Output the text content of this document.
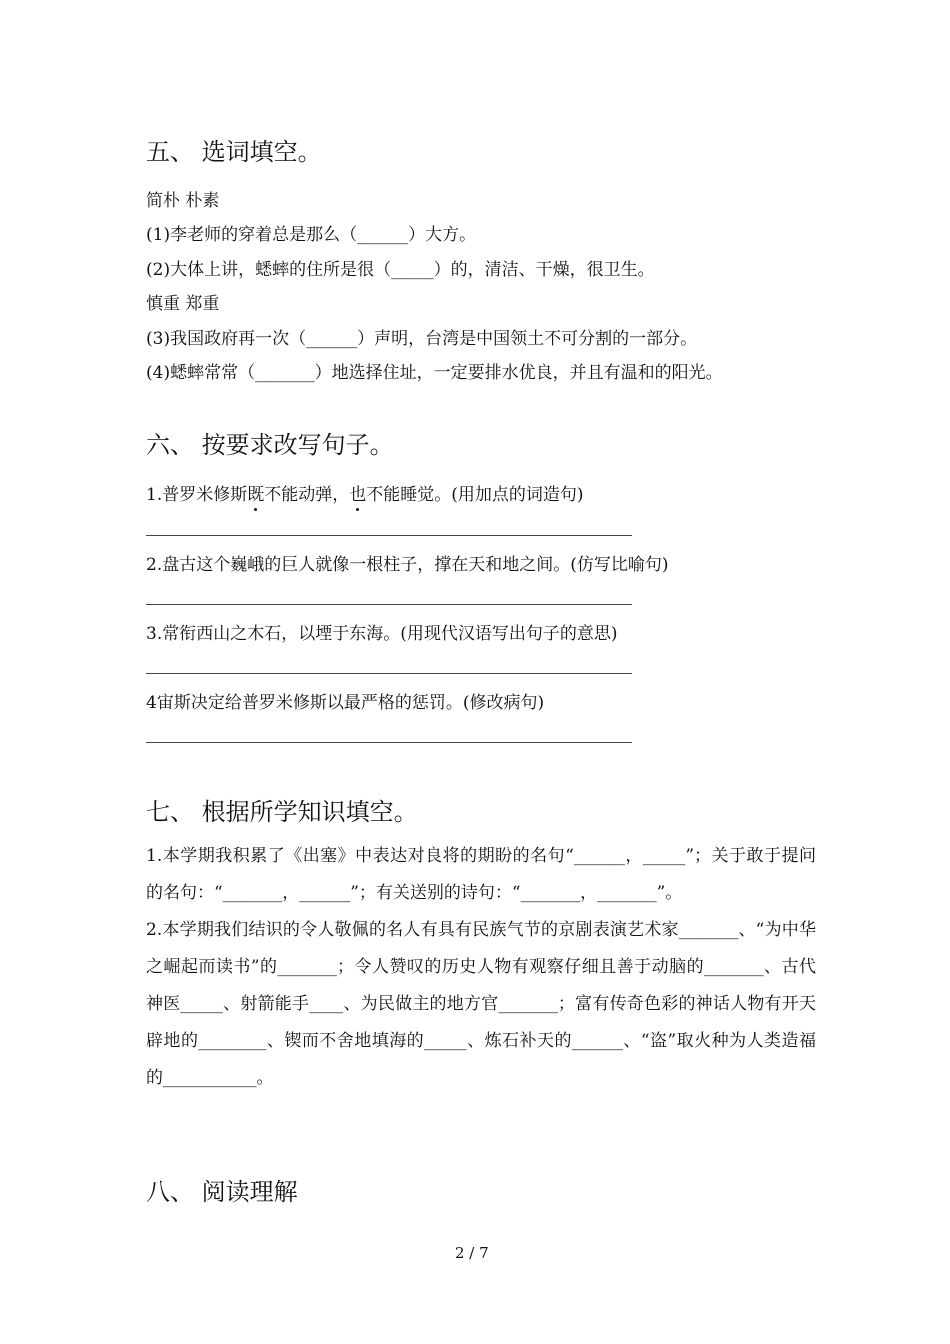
五、 选词填空。
简朴 朴素
(1)李老师的穿着总是那么（______）大方。
(2)大体上讲，蟋蟀的住所是很（_____）的，清洁、干燥，很卫生。
慎重 郑重
(3)我国政府再一次（______）声明，台湾是中国领土不可分割的一部分。
(4)蟋蟀常常（_______）地选择住址，一定要排水优良，并且有温和的阳光。
六、 按要求改写句子。
1.普罗米修斯既不能动弹，也不能睡觉。(用加点的词造句)
2.盘古这个巍峨的巨人就像一根柱子，撑在天和地之间。(仿写比喻句)
3.常衔西山之木石，以堙于东海。(用现代汉语写出句子的意思)
4宙斯决定给普罗米修斯以最严格的惩罚。(修改病句)
七、 根据所学知识填空。

1.本学期我积累了《出塞》中表达对良将的期盼的名句“______，_____”；关于敢于提问的名句：“_______，______”；有关送别的诗句：“_______，_______”。

2.本学期我们结识的令人敬佩的名人有具有民族气节的京剧表演艺术家_______、“为中华之崛起而读书”的_______；令人赞叹的历史人物有观察仔细且善于动脑的_______、古代神医_____、射箭能手____、为民做主的地方官_______；富有传奇色彩的神话人物有开天辟地的________、锲而不舍地填海的_____、炼石补天的______、“盗”取火种为人类造福的___________。

八、 阅读理解
2 / 7
